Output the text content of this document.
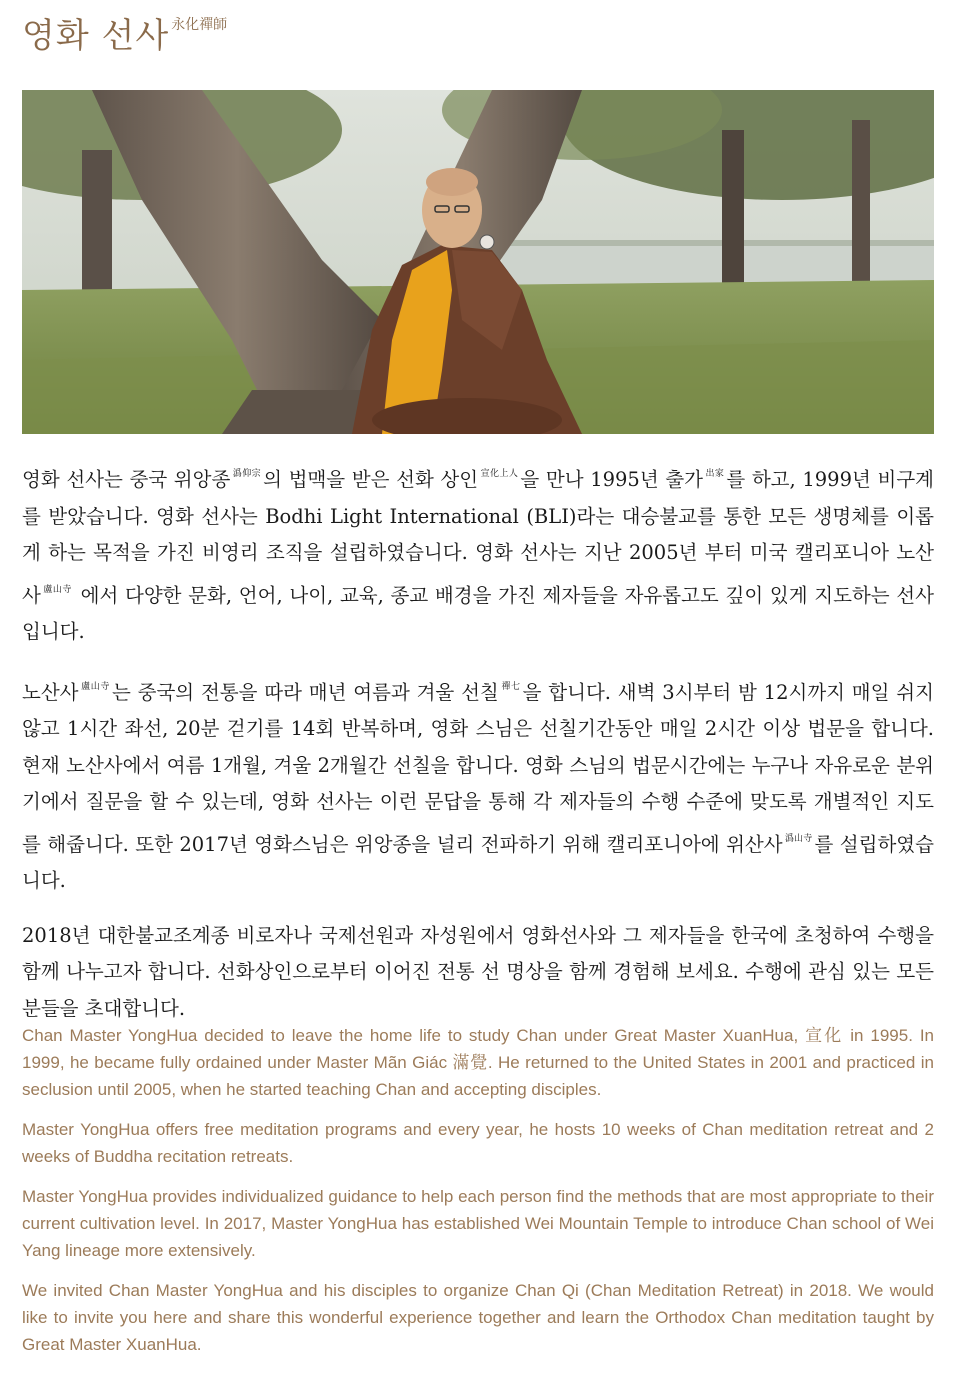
영화 선사 永化禪師

영화 선사는 중국 위앙종 $^{潙仰宗}$ 의 법맥을 받은 선화 상인 $^{宣化上人}$ 을 만나 1995년 출가 $^{出家}$ 를 하고, 1999년 비구계를 받았습니다. 영화 선사는 Bodhi Light International (BLI)라는 대승불교를 통한 모든 생명체를 이롭게 하는 목적을 가진 비영리 조직을 설립하였습니다. 영화 선사는 지난 2005년 부터 미국 캘리포니아 노산사 $^{盧山寺}$ 에서 다양한 문화, 언어, 나이, 교육, 종교 배경을 가진 제자들을 자유롭고도 깊이 있게 지도하는 선사입니다.

노산사 $^{盧山寺}$ 는 중국의 전통을 따라 매년 여름과 겨울 선칠 $^{禪七}$ 을 합니다. 새벽 3시부터 밤 12시까지 매일 쉬지 않고 1시간 좌선, 20분 걷기를 14회 반복하며, 영화 스님은 선칠기간동안 매일 2시간 이상 법문을 합니다. 현재 노산사에서 여름 1개월, 겨울 2개월간 선칠을 합니다. 영화 스님의 법문시간에는 누구나 자유로운 분위기에서 질문을 할 수 있는데, 영화 선사는 이런 문답을 통해 각 제자들의 수행 수준에 맞도록 개별적인 지도를 해줍니다. 또한 2017년 영화스님은 위앙종을 널리 전파하기 위해 캘리포니아에 위산사 $^{潙山寺}$ 를 설립하였습니다.

2018년 대한불교조계종 비로자나 국제선원과 자성원에서 영화선사와 그 제자들을 한국에 초청하여 수행을 함께 나누고자 합니다. 선화상인으로부터 이어진 전통 선 명상을 함께 경험해 보세요. 수행에 관심 있는 모든 분들을 초대합니다.

Chan Master YongHua decided to leave the home life to study Chan under Great Master XuanHua, 宣化 in 1995. In 1999, he became fully ordained under Master Mãn Giác 滿覺. He returned to the United States in 2001 and practiced in seclusion until 2005, when he started teaching Chan and accepting disciples.

Master YongHua offers free meditation programs and every year, he hosts 10 weeks of Chan meditation retreat and 2 weeks of Buddha recitation retreats.

Master YongHua provides individualized guidance to help each person find the methods that are most appropriate to their current cultivation level. In 2017, Master YongHua has established Wei Mountain Temple to introduce Chan school of Wei Yang lineage more extensively.

We invited Chan Master YongHua and his disciples to organize Chan Qi (Chan Meditation Retreat) in 2018. We would like to invite you here and share this wonderful experience together and learn the Orthodox Chan meditation taught by Great Master XuanHua.
